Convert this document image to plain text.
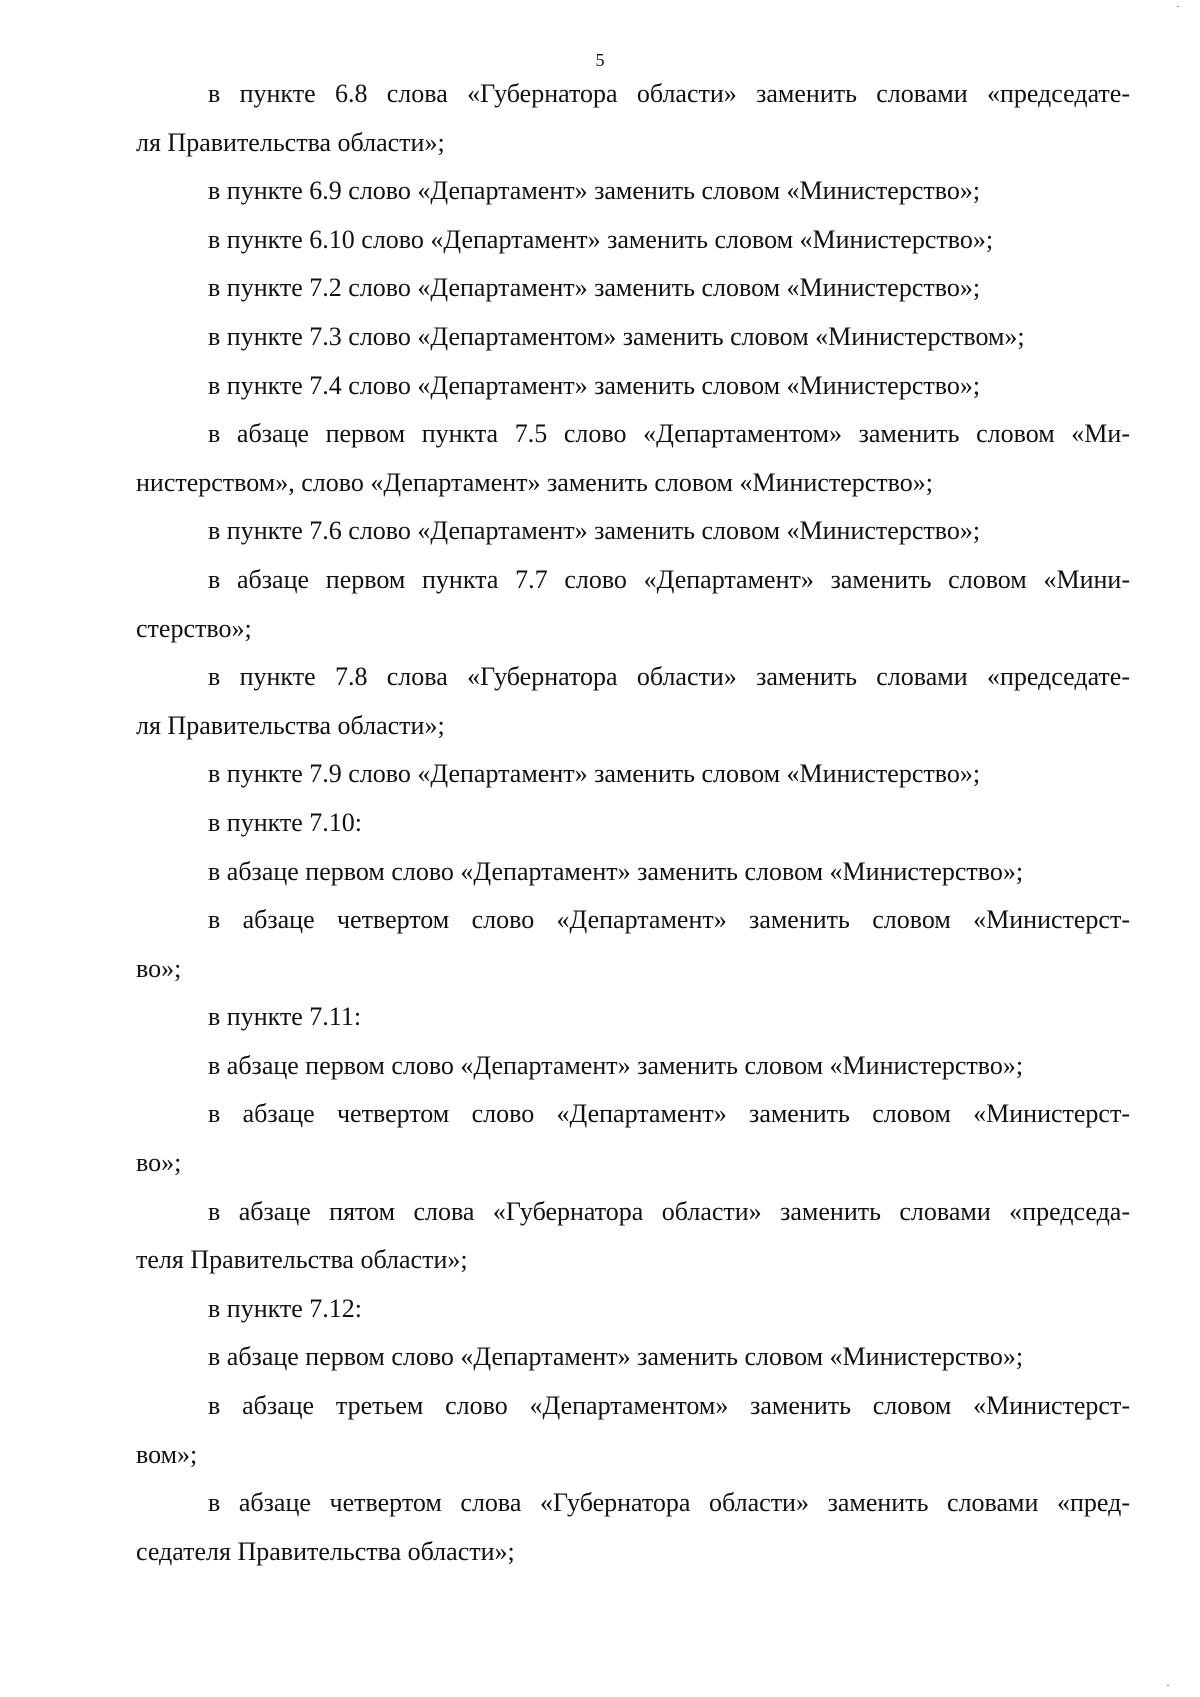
5
в пункте 6.8 слова «Губернатора области» заменить словами «председате-
ля Правительства области»;
в пункте 6.9 слово «Департамент» заменить словом «Министерство»;
в пункте 6.10 слово «Департамент» заменить словом «Министерство»;
в пункте 7.2 слово «Департамент» заменить словом «Министерство»;
в пункте 7.3 слово «Департаментом» заменить словом «Министерством»;
в пункте 7.4 слово «Департамент» заменить словом «Министерство»;
в абзаце первом пункта 7.5 слово «Департаментом» заменить словом «Ми-
нистерством», слово «Департамент» заменить словом «Министерство»;
в пункте 7.6 слово «Департамент» заменить словом «Министерство»;
в абзаце первом пункта 7.7 слово «Департамент» заменить словом «Мини-
стерство»;
в пункте 7.8 слова «Губернатора области» заменить словами «председате-
ля Правительства области»;
в пункте 7.9 слово «Департамент» заменить словом «Министерство»;
в пункте 7.10:
в абзаце первом слово «Департамент» заменить словом «Министерство»;
в абзаце четвертом слово «Департамент» заменить словом «Министерст-
во»;
в пункте 7.11:
в абзаце первом слово «Департамент» заменить словом «Министерство»;
в абзаце четвертом слово «Департамент» заменить словом «Министерст-
во»;
в абзаце пятом слова «Губернатора области» заменить словами «председа-
теля Правительства области»;
в пункте 7.12:
в абзаце первом слово «Департамент» заменить словом «Министерство»;
в абзаце третьем слово «Департаментом» заменить словом «Министерст-
вом»;
в абзаце четвертом слова «Губернатора области» заменить словами «пред-
седателя Правительства области»;
·
·
